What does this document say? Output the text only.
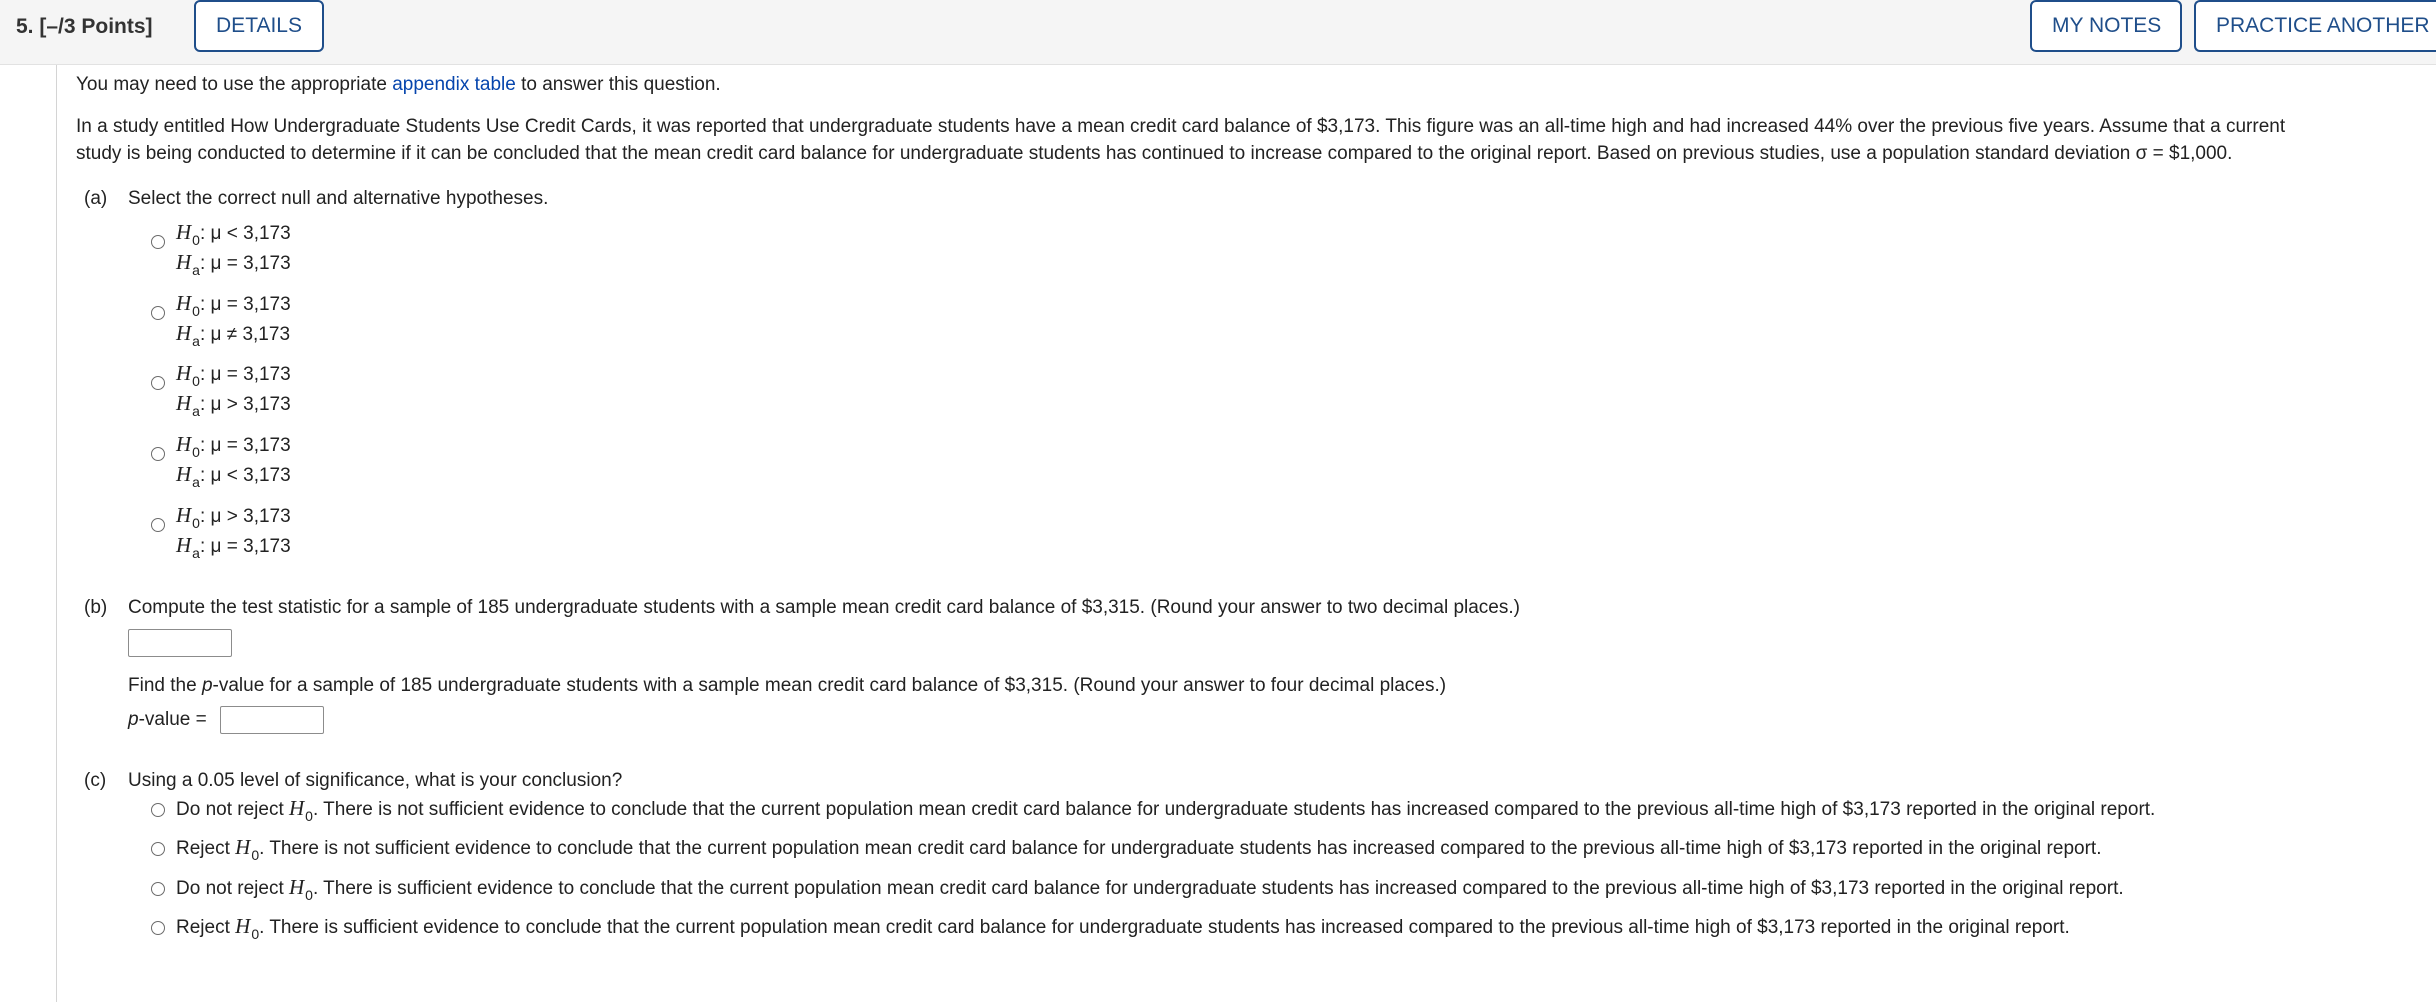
5. [–/3 Points]	DETAILS	MY NOTES	PRACTICE ANOTHER
You may need to use the appropriate appendix table to answer this question.
In a study entitled How Undergraduate Students Use Credit Cards, it was reported that undergraduate students have a mean credit card balance of $3,173. This figure was an all-time high and had increased 44% over the previous five years. Assume that a current
study is being conducted to determine if it can be concluded that the mean credit card balance for undergraduate students has continued to increase compared to the original report. Based on previous studies, use a population standard deviation σ = $1,000.
(a) Select the correct null and alternative hypotheses.
$H_0$: μ < 3,173
$H_a$: μ = 3,173
$H_0$: μ = 3,173
$H_a$: μ ≠ 3,173
$H_0$: μ = 3,173
$H_a$: μ > 3,173
$H_0$: μ = 3,173
$H_a$: μ < 3,173
$H_0$: μ > 3,173
$H_a$: μ = 3,173
(b) Compute the test statistic for a sample of 185 undergraduate students with a sample mean credit card balance of $3,315. (Round your answer to two decimal places.)
Find the p-value for a sample of 185 undergraduate students with a sample mean credit card balance of $3,315. (Round your answer to four decimal places.)
p-value =
(c) Using a 0.05 level of significance, what is your conclusion?
Do not reject $H_0$. There is not sufficient evidence to conclude that the current population mean credit card balance for undergraduate students has increased compared to the previous all-time high of $3,173 reported in the original report.
Reject $H_0$. There is not sufficient evidence to conclude that the current population mean credit card balance for undergraduate students has increased compared to the previous all-time high of $3,173 reported in the original report.
Do not reject $H_0$. There is sufficient evidence to conclude that the current population mean credit card balance for undergraduate students has increased compared to the previous all-time high of $3,173 reported in the original report.
Reject $H_0$. There is sufficient evidence to conclude that the current population mean credit card balance for undergraduate students has increased compared to the previous all-time high of $3,173 reported in the original report.
